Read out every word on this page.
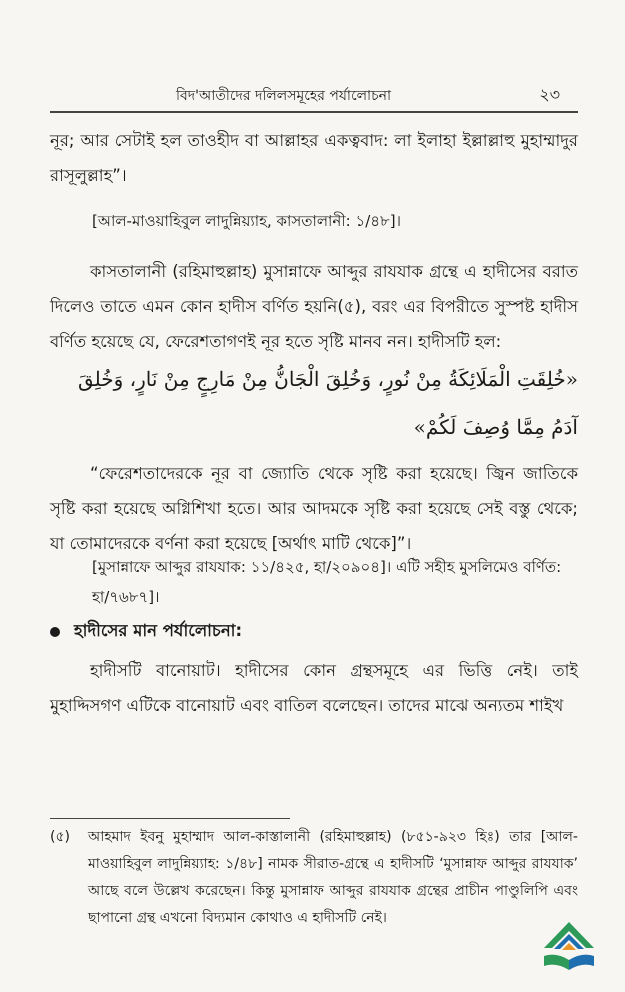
বিদ'আতীদের দলিলসমূহের পর্যালোচনা	২৩
নূর; আর সেটাই হল তাওহীদ বা আল্লাহর একত্ববাদ: লা ইলাহা ইল্লাল্লাহু মুহাম্মাদুর রাসূলুল্লাহ”।
[আল-মাওয়াহিবুল লাদুন্নিয়্যাহ, কাসতালানী: ১/৪৮]।
কাসতালানী (রহিমাহুল্লাহ) মুসান্নাফে আব্দুর রাযযাক গ্রন্থে এ হাদীসের বরাত দিলেও তাতে এমন কোন হাদীস বর্ণিত হয়নি(৫), বরং এর বিপরীতে সুস্পষ্ট হাদীস বর্ণিত হয়েছে যে, ফেরেশতাগণই নূর হতে সৃষ্টি মানব নন। হাদীসটি হল:
«خُلِقَتِ الْمَلَائِكَةُ مِنْ نُورٍ، وَخُلِقَ الْجَانُّ مِنْ مَارِجٍ مِنْ نَارٍ، وَخُلِقَ آدَمُ مِمَّا وُصِفَ لَكُمْ»
“ফেরেশতাদেরকে নূর বা জ্যোতি থেকে সৃষ্টি করা হয়েছে। জ্বিন জাতিকে সৃষ্টি করা হয়েছে অগ্নিশিখা হতে। আর আদমকে সৃষ্টি করা হয়েছে সেই বস্তু থেকে; যা তোমাদেরকে বর্ণনা করা হয়েছে [অর্থাৎ মাটি থেকে]”।
[মুসান্নাফে আব্দুর রাযযাক: ১১/৪২৫, হা/২০৯০৪]। এটি সহীহ মুসলিমেও বর্ণিত: হা/৭৬৮৭]।
হাদীসের মান পর্যালোচনা:
হাদীসটি বানোয়াট। হাদীসের কোন গ্রন্থসমূহে এর ভিত্তি নেই। তাই মুহাদ্দিসগণ এটিকে বানোয়াট এবং বাতিল বলেছেন। তাদের মাঝে অন্যতম শাইখ
(৫) আহমাদ ইবনু মুহাম্মাদ আল-কাস্তালানী (রহিমাহুল্লাহ) (৮৫১-৯২৩ হিঃ) তার [আল-মাওয়াহিবুল লাদুন্নিয়্যাহ: ১/৪৮] নামক সীরাত-গ্রন্থে এ হাদীসটি ‘মুসান্নাফ আব্দুর রাযযাক’ আছে বলে উল্লেখ করেছেন। কিন্তু মুসান্নাফ আব্দুর রাযযাক গ্রন্থের প্রাচীন পাণ্ডুলিপি এবং ছাপানো গ্রন্থ এখনো বিদ্যমান কোথাও এ হাদীসটি নেই।
